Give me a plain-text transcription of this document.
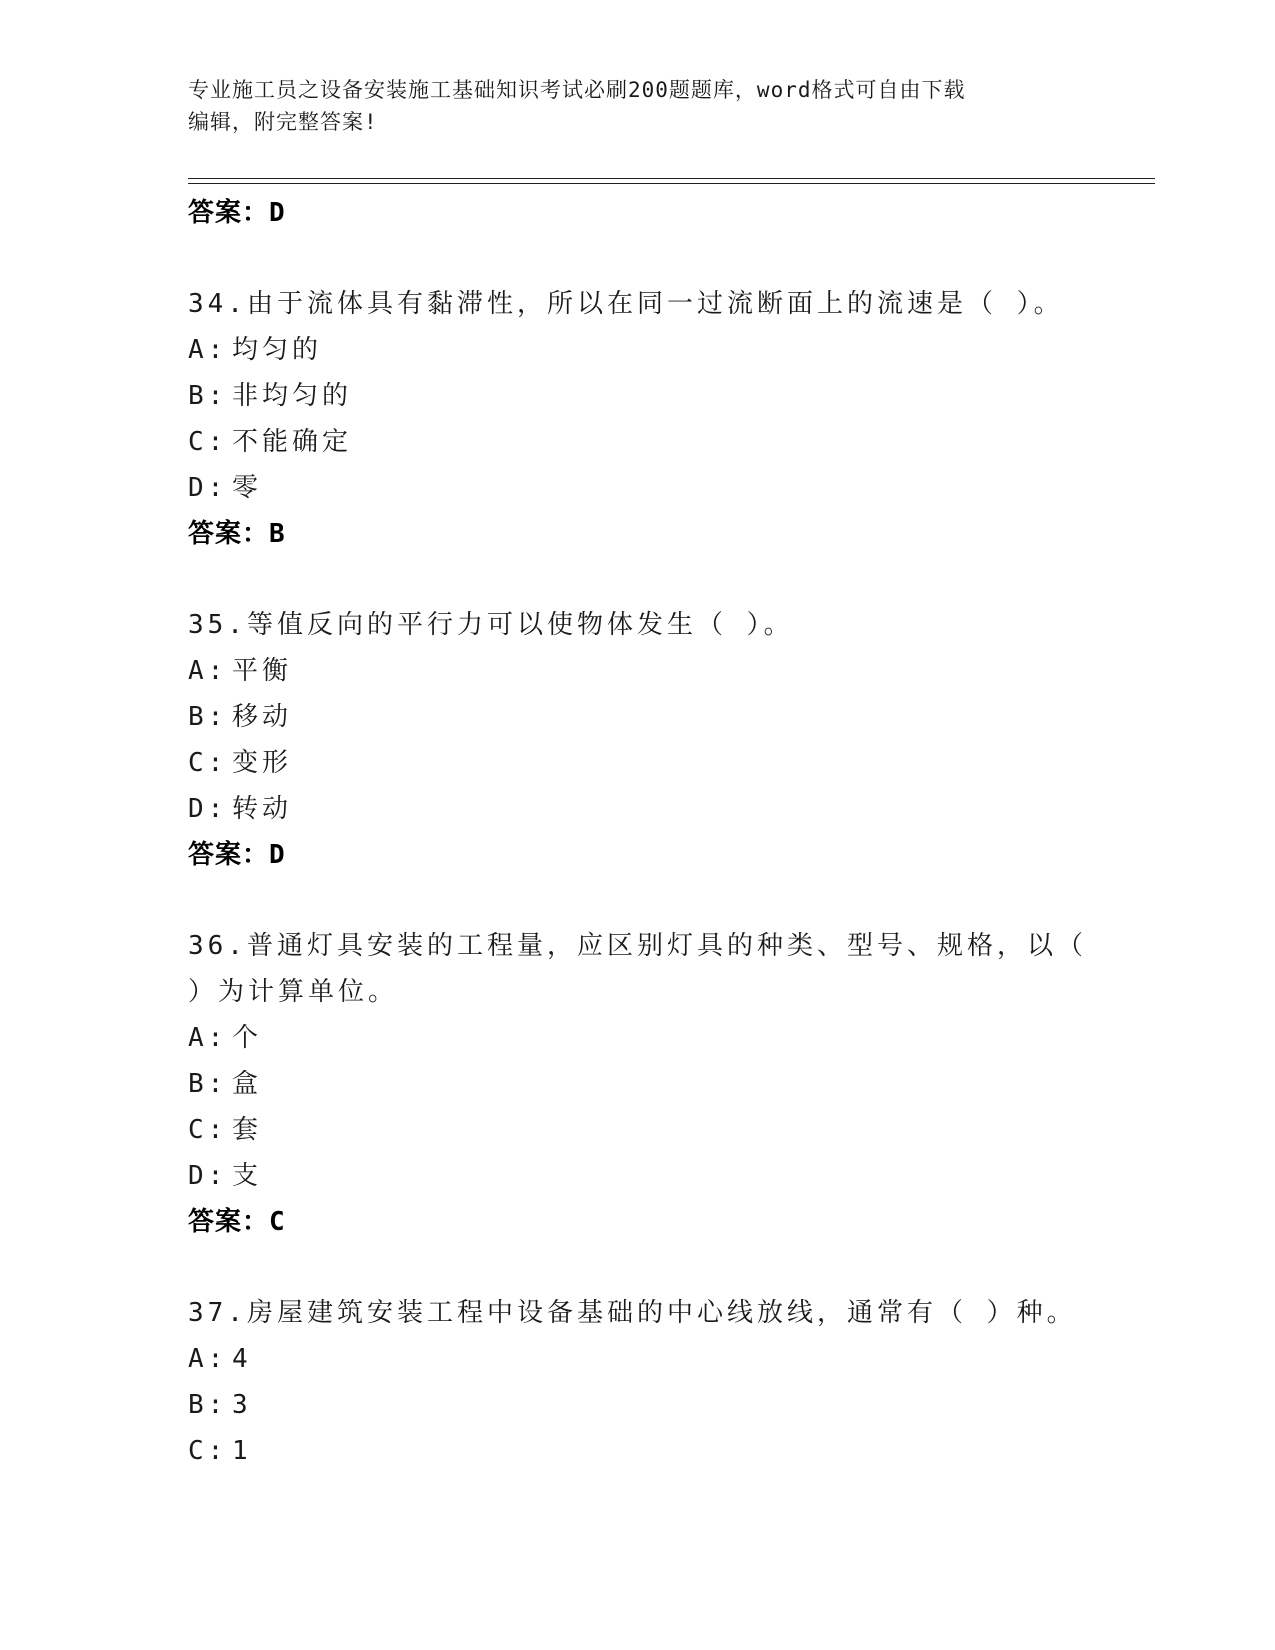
专业施工员之设备安装施工基础知识考试必刷200题题库，word格式可自由下载
编辑，附完整答案!
答案：D
34.由于流体具有黏滞性，所以在同一过流断面上的流速是（ ）。
A: 均匀的
B: 非均匀的
C: 不能确定
D: 零
答案：B
35.等值反向的平行力可以使物体发生（ ）。
A: 平衡
B: 移动
C: 变形
D: 转动
答案：D
36.普通灯具安装的工程量，应区别灯具的种类、型号、规格，以（
）为计算单位。
A: 个
B: 盒
C: 套
D: 支
答案：C
37.房屋建筑安装工程中设备基础的中心线放线，通常有（ ）种。
A: 4
B: 3
C: 1
